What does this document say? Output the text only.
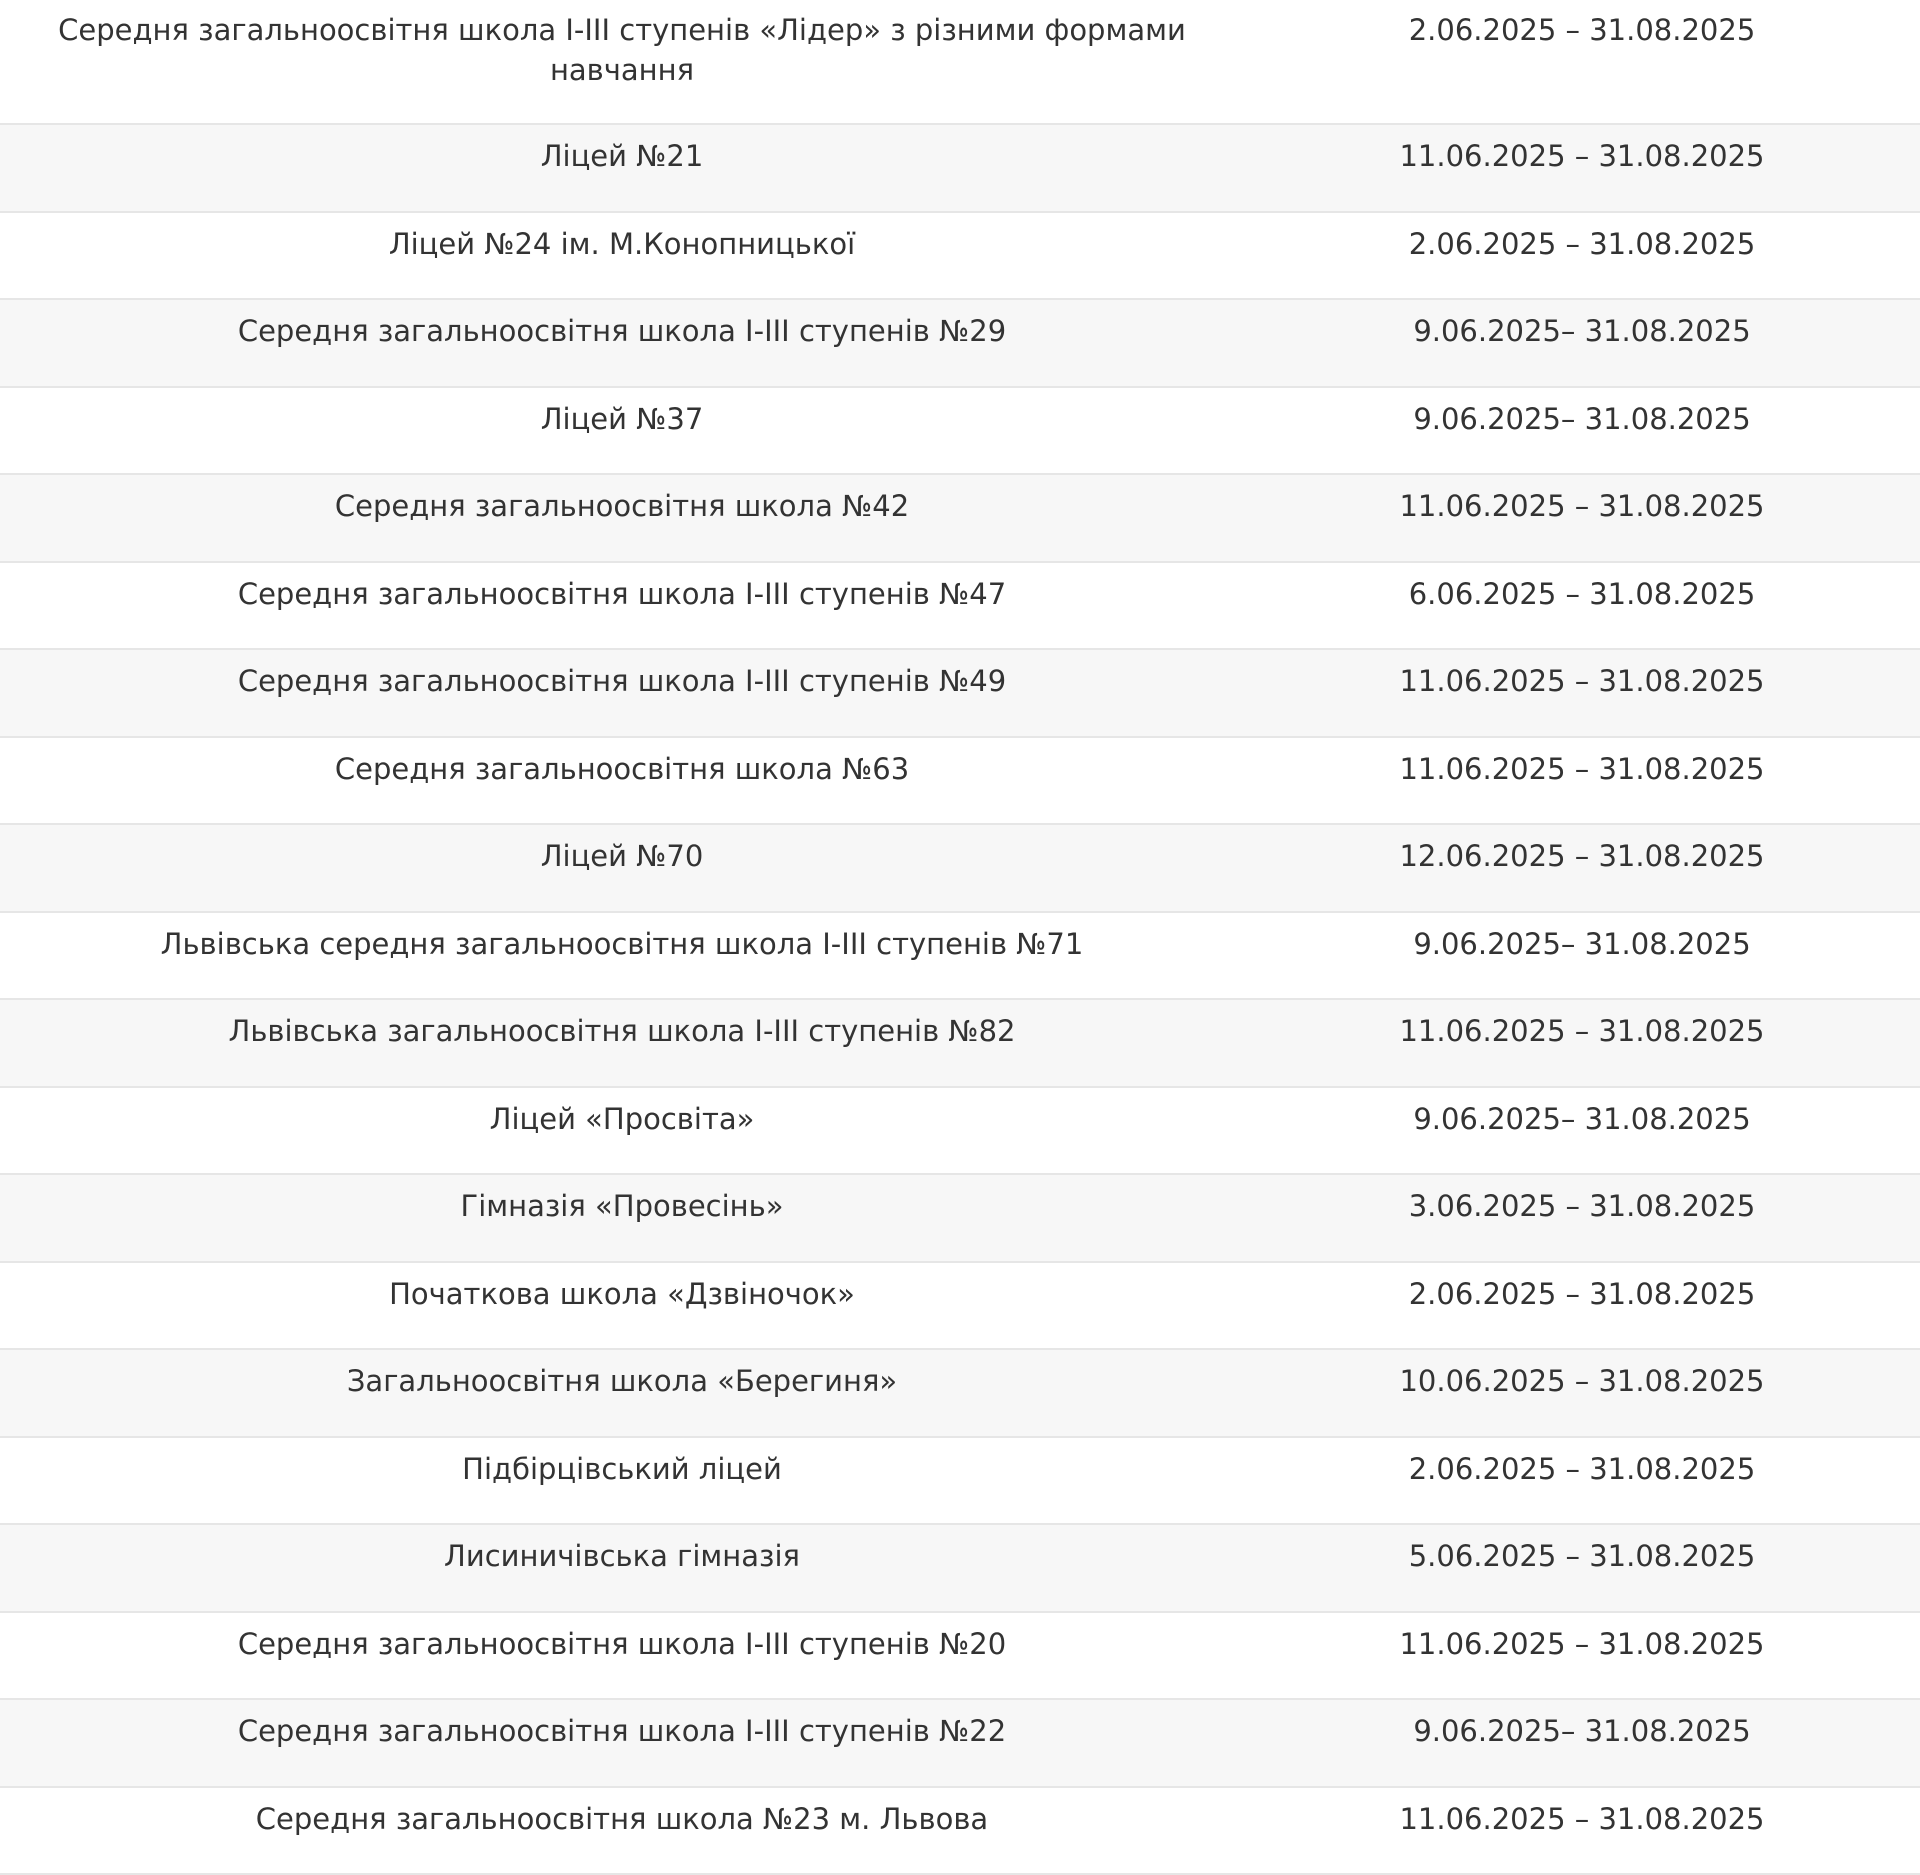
Середня загальноосвітня школа І-ІІІ ступенів «Лідер» з різними формами навчання	2.06.2025 – 31.08.2025
Ліцей №21	11.06.2025 – 31.08.2025
Ліцей №24 ім. М.Конопницької	2.06.2025 – 31.08.2025
Середня загальноосвітня школа І-ІІІ ступенів №29	9.06.2025– 31.08.2025
Ліцей №37	9.06.2025– 31.08.2025
Середня загальноосвітня школа №42	11.06.2025 – 31.08.2025
Середня загальноосвітня школа І-ІІІ ступенів №47	6.06.2025 – 31.08.2025
Середня загальноосвітня школа І-ІІІ ступенів №49	11.06.2025 – 31.08.2025
Середня загальноосвітня школа №63	11.06.2025 – 31.08.2025
Ліцей №70	12.06.2025 – 31.08.2025
Львівська середня загальноосвітня школа І-ІІІ ступенів №71	9.06.2025– 31.08.2025
Львівська загальноосвітня школа І-ІІІ ступенів №82	11.06.2025 – 31.08.2025
Ліцей «Просвіта»	9.06.2025– 31.08.2025
Гімназія «Провесінь»	3.06.2025 – 31.08.2025
Початкова школа «Дзвіночок»	2.06.2025 – 31.08.2025
Загальноосвітня школа «Берегиня»	10.06.2025 – 31.08.2025
Підбірцівський ліцей	2.06.2025 – 31.08.2025
Лисиничівська гімназія	5.06.2025 – 31.08.2025
Середня загальноосвітня школа І-ІІІ ступенів №20	11.06.2025 – 31.08.2025
Середня загальноосвітня школа І-ІІІ ступенів №22	9.06.2025– 31.08.2025
Середня загальноосвітня школа №23 м. Львова	11.06.2025 – 31.08.2025
